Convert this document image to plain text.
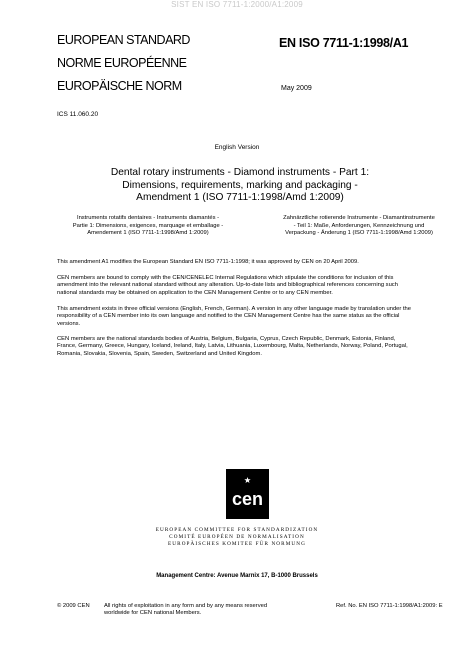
SIST EN ISO 7711-1:2000/A1:2009
EUROPEAN STANDARD
NORME EUROPÉENNE
EUROPÄISCHE NORM
EN ISO 7711-1:1998/A1
May 2009
ICS 11.060.20
English Version
Dental rotary instruments - Diamond instruments - Part 1:
Dimensions, requirements, marking and packaging -
Amendment 1 (ISO 7711-1:1998/Amd 1:2009)
Instruments rotatifs dentaires - Instruments diamantés -
Partie 1: Dimensions, exigences, marquage et emballage -
Amendement 1 (ISO 7711-1:1998/Amd 1:2009)
Zahnärztliche rotierende Instrumente - Diamantinstrumente
- Teil 1: Maße, Anforderungen, Kennzeichnung und
Verpackung - Änderung 1 (ISO 7711-1:1998/Amd 1:2009)
This amendment A1 modifies the European Standard EN ISO 7711-1:1998; it was approved by CEN on 20 April 2009.
CEN members are bound to comply with the CEN/CENELEC Internal Regulations which stipulate the conditions for inclusion of this
amendment into the relevant national standard without any alteration. Up-to-date lists and bibliographical references concerning such
national standards may be obtained on application to the CEN Management Centre or to any CEN member.
This amendment exists in three official versions (English, French, German). A version in any other language made by translation under the
responsibility of a CEN member into its own language and notified to the CEN Management Centre has the same status as the official
versions.
CEN members are the national standards bodies of Austria, Belgium, Bulgaria, Cyprus, Czech Republic, Denmark, Estonia, Finland,
France, Germany, Greece, Hungary, Iceland, Ireland, Italy, Latvia, Lithuania, Luxembourg, Malta, Netherlands, Norway, Poland, Portugal,
Romania, Slovakia, Slovenia, Spain, Sweden, Switzerland and United Kingdom.
cen
EUROPEAN COMMITTEE FOR STANDARDIZATION
COMITÉ EUROPÉEN DE NORMALISATION
EUROPÄISCHES KOMITEE FÜR NORMUNG
Management Centre: Avenue Marnix 17, B-1000 Brussels
© 2009 CEN All rights of exploitation in any form and by any means reserved
worldwide for CEN national Members.
Ref. No. EN ISO 7711-1:1998/A1:2009: E
